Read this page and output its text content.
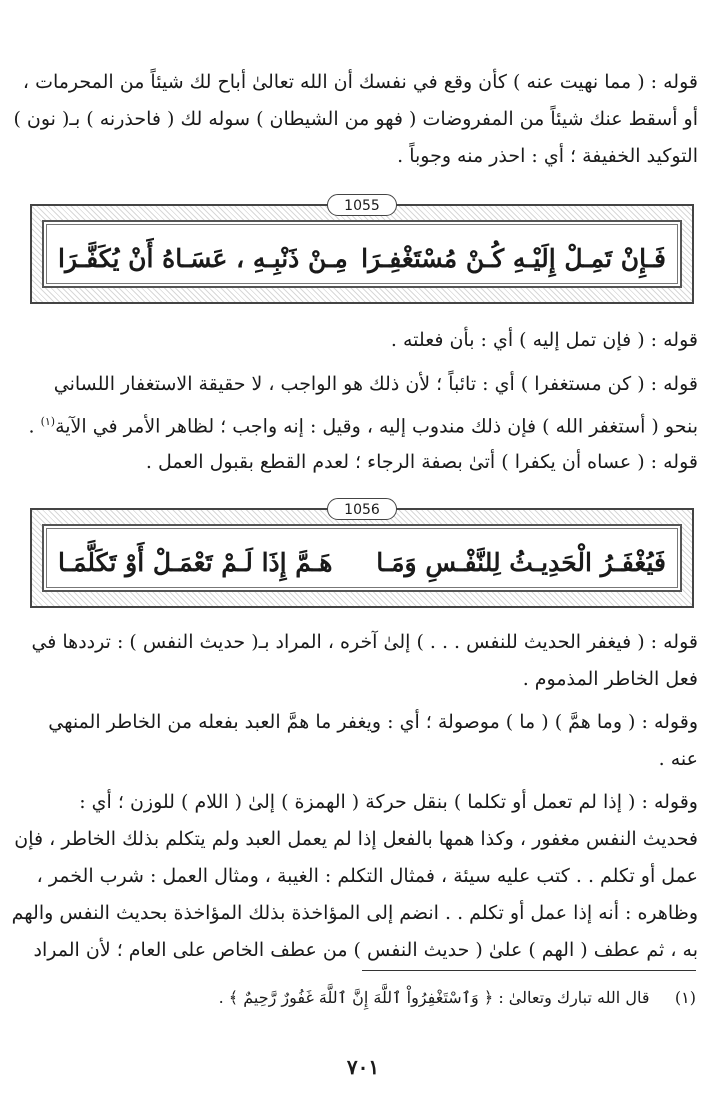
قوله : ( مما نهيت عنه ) كأن وقع في نفسك أن الله تعالىٰ أباح لك شيئاً من المحرمات ،
أو أسقط عنك شيئاً من المفروضات ( فهو من الشيطان ) سوله لك ( فاحذرنه ) بـ( نون )
التوكيد الخفيفة ؛ أي : احذر منه وجوباً .
فَـإِنْ تَمِـلْ إِلَيْـهِ كُـنْ مُسْتَغْفِـرَا
مِـنْ ذَنْبِـهِ ، عَسَـاهُ أَنْ يُكَفَّـرَا
1055
قوله : ( فإن تمل إليه ) أي : بأن فعلته .
قوله : ( كن مستغفرا ) أي : تائباً ؛ لأن ذلك هو الواجب ، لا حقيقة الاستغفار اللساني
بنحو ( أستغفر الله ) فإن ذلك مندوب إليه ، وقيل : إنه واجب ؛ لظاهر الأمر في الآية$^{(١)}$ .
قوله : ( عساه أن يكفرا ) أتىٰ بصفة الرجاء ؛ لعدم القطع بقبول العمل .
فَيُغْفَـرُ الْحَدِيـثُ لِلنَّفْـسِ وَمَـا
هَـمَّ إِذَا لَـمْ تَعْمَـلْ أَوْ تَكَلَّمَـا
1056
قوله : ( فيغفر الحديث للنفس . . . ) إلىٰ آخره ، المراد بـ( حديث النفس ) : ترددها في
فعل الخاطر المذموم .
وقوله : ( وما همَّ ) ( ما ) موصولة ؛ أي : ويغفر ما همَّ العبد بفعله من الخاطر المنهي
عنه .
وقوله : ( إذا لم تعمل أو تكلما ) بنقل حركة ( الهمزة ) إلىٰ ( اللام ) للوزن ؛ أي :
فحديث النفس مغفور ، وكذا همها بالفعل إذا لم يعمل العبد ولم يتكلم بذلك الخاطر ، فإن
عمل أو تكلم . . كتب عليه سيئة ، فمثال التكلم : الغيبة ، ومثال العمل : شرب الخمر ،
وظاهره : أنه إذا عمل أو تكلم . . انضم إلى المؤاخذة بذلك المؤاخذة بحديث النفس والهم
به ، ثم عطف ( الهم ) علىٰ ( حديث النفس ) من عطف الخاص على العام ؛ لأن المراد
(١)     قال الله تبارك وتعالىٰ : ﴿ وَٱسْتَغْفِرُواْ ٱللَّهَ إِنَّ ٱللَّهَ غَفُورٌ رَّحِيمٌ ﴾ .
٧٠١
